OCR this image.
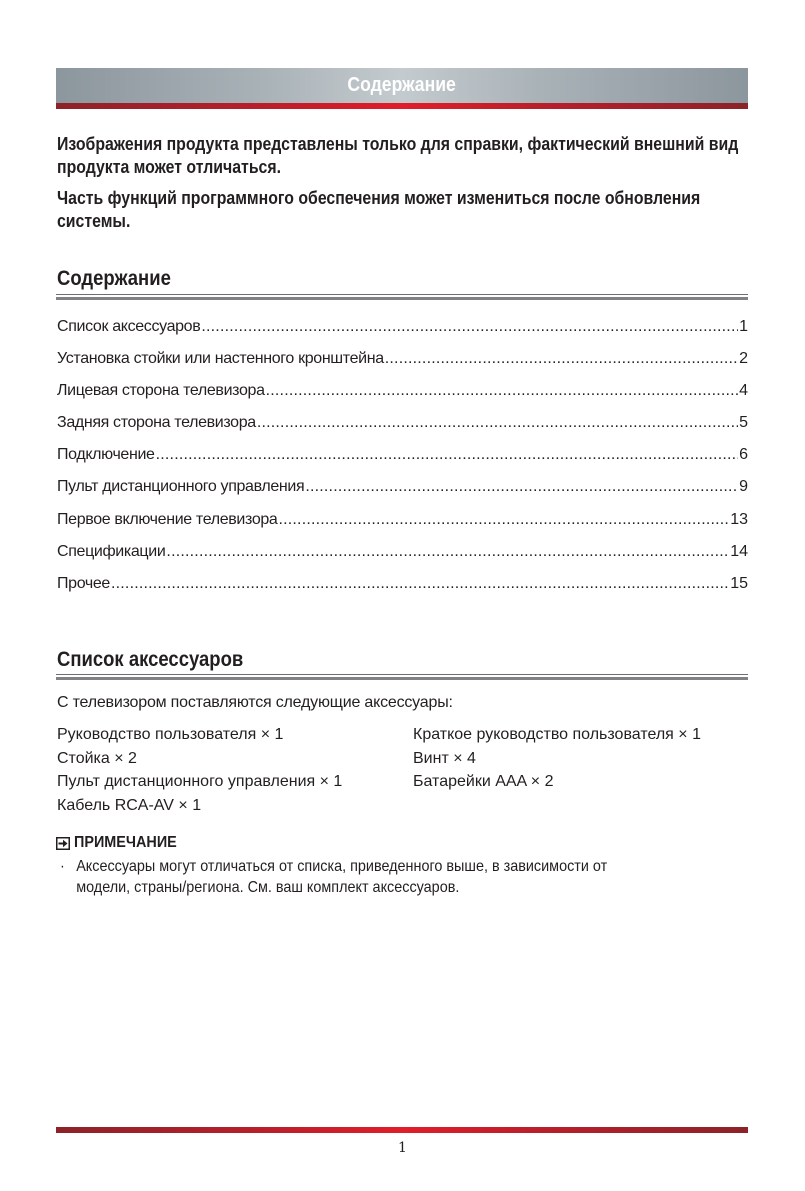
Содержание

Изображения продукта представлены только для справки, фактический внешний вид продукта может отличаться.

Часть функций программного обеспечения может измениться после обновления системы.

Содержание
Список аксессуаров .....	1
Установка стойки или настенного кронштейна .....	2
Лицевая сторона телевизора .....	4
Задняя сторона телевизора .....	5
Подключение .....	6
Пульт дистанционного управления .....	9
Первое включение телевизора .....	13
Спецификации .....	14
Прочее .....	15
Список аксессуаров
С телевизором поставляются следующие аксессуары:
Руководство пользователя × 1
Стойка × 2
Пульт дистанционного управления × 1
Кабель RCA-AV × 1
Краткое руководство пользователя × 1
Винт × 4
Батарейки AAA × 2
ПРИМЕЧАНИЕ
· Аксессуары могут отличаться от списка, приведенного выше, в зависимости от
модели, страны/региона. См. ваш комплект аксессуаров.
1
